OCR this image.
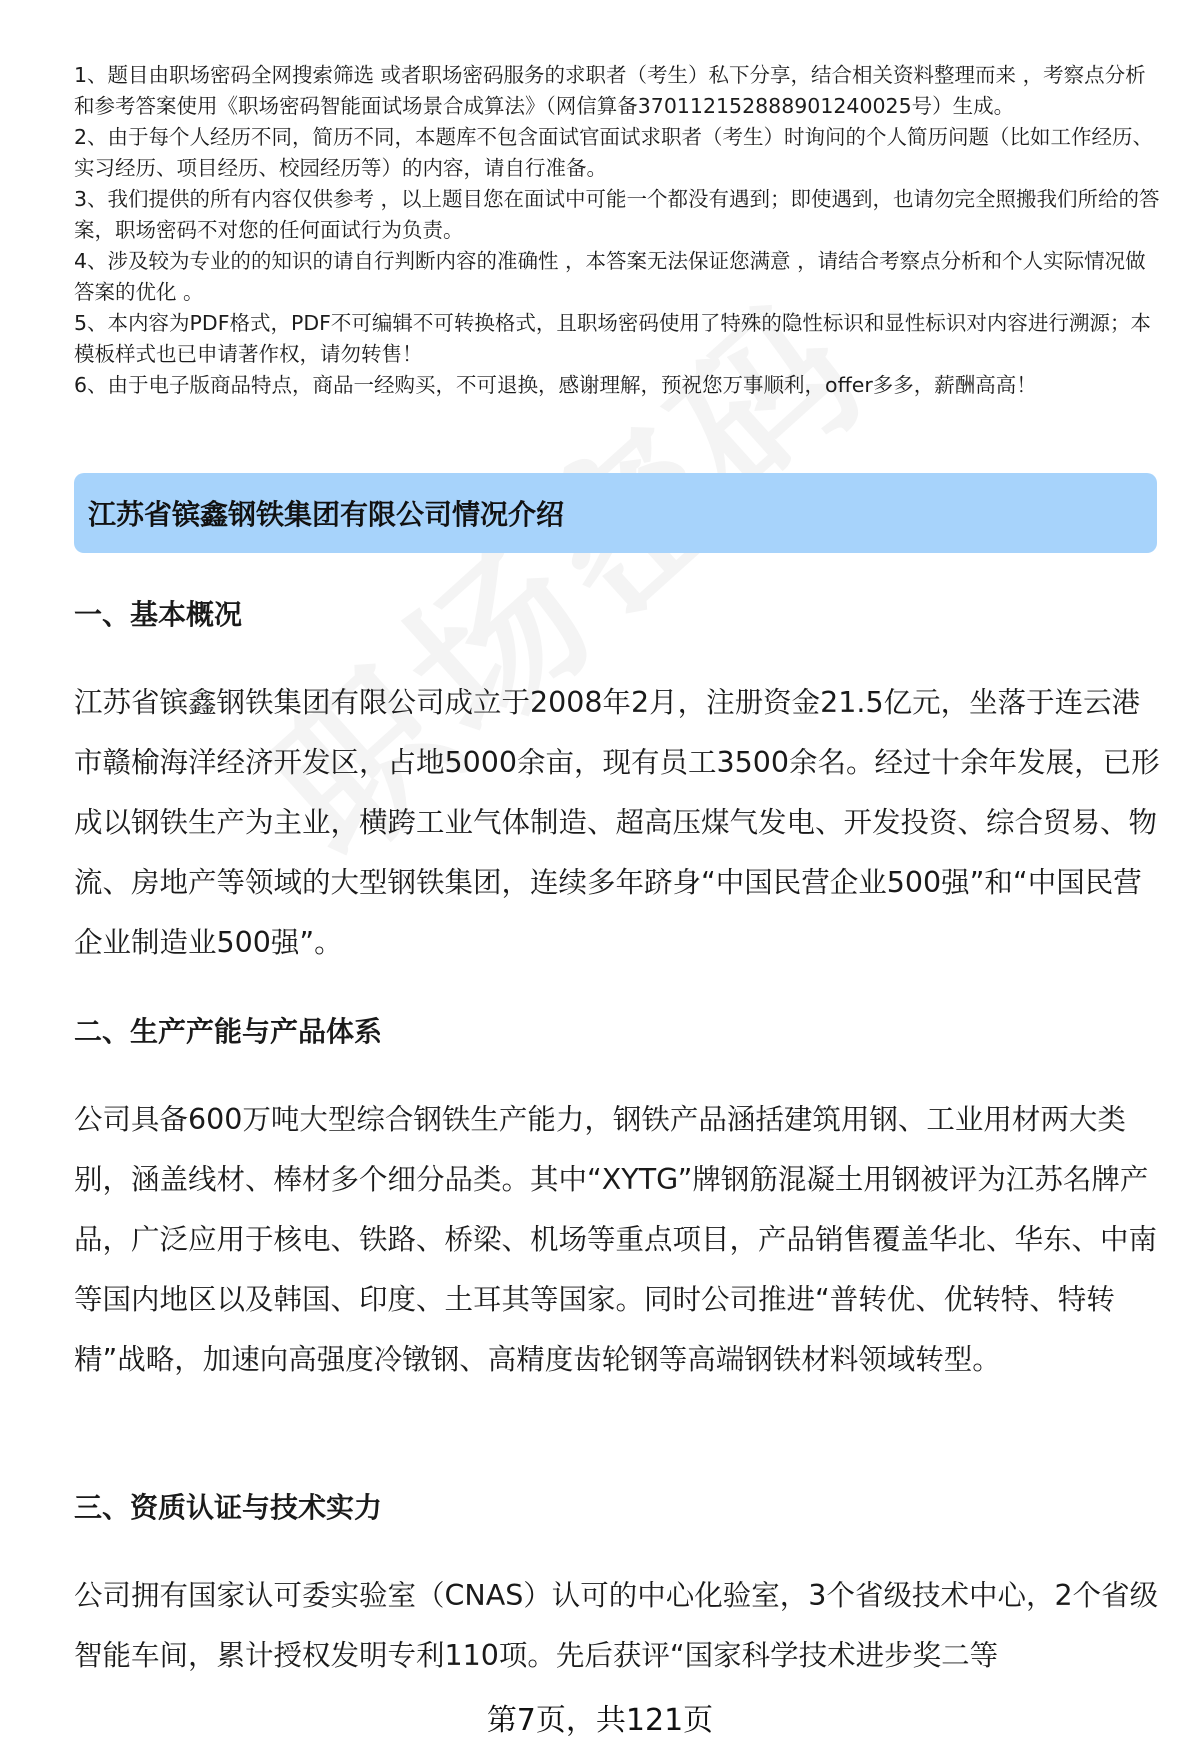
1、题目由职场密码全网搜索筛选 或者职场密码服务的求职者（考生）私下分享，结合相关资料整理而来 ，考察点分析和参考答案使用《职场密码智能面试场景合成算法》（网信算备370112152888901240025号）生成。

2、由于每个人经历不同，简历不同，本题库不包含面试官面试求职者（考生）时询问的个人简历问题（比如工作经历、实习经历、项目经历、校园经历等）的内容，请自行准备。

3、我们提供的所有内容仅供参考 ，以上题目您在面试中可能一个都没有遇到；即使遇到，也请勿完全照搬我们所给的答案，职场密码不对您的任何面试行为负责。

4、涉及较为专业的的知识的请自行判断内容的准确性 ，本答案无法保证您满意 ，请结合考察点分析和个人实际情况做答案的优化 。

5、本内容为PDF格式，PDF不可编辑不可转换格式，且职场密码使用了特殊的隐性标识和显性标识对内容进行溯源；本模板样式也已申请著作权，请勿转售！

6、由于电子版商品特点，商品一经购买，不可退换，感谢理解，预祝您万事顺利，offer多多，薪酬高高！

江苏省镔鑫钢铁集团有限公司情况介绍
一、基本概况

江苏省镔鑫钢铁集团有限公司成立于2008年2月，注册资金21.5亿元，坐落于连云港市赣榆海洋经济开发区，占地5000余亩，现有员工3500余名。经过十余年发展，已形成以钢铁生产为主业，横跨工业气体制造、超高压煤气发电、开发投资、综合贸易、物流、房地产等领域的大型钢铁集团，连续多年跻身“中国民营企业500强”和“中国民营企业制造业500强”。

二、生产产能与产品体系

公司具备600万吨大型综合钢铁生产能力，钢铁产品涵括建筑用钢、工业用材两大类别，涵盖线材、棒材多个细分品类。其中“XYTG”牌钢筋混凝土用钢被评为江苏名牌产品，广泛应用于核电、铁路、桥梁、机场等重点项目，产品销售覆盖华北、华东、中南等国内地区以及韩国、印度、土耳其等国家。同时公司推进“普转优、优转特、特转精”战略，加速向高强度冷镦钢、高精度齿轮钢等高端钢铁材料领域转型。

三、资质认证与技术实力

公司拥有国家认可委实验室（CNAS）认可的中心化验室，3个省级技术中心，2个省级智能车间，累计授权发明专利110项。先后获评“国家科学技术进步奖二等

第7页，共121页
